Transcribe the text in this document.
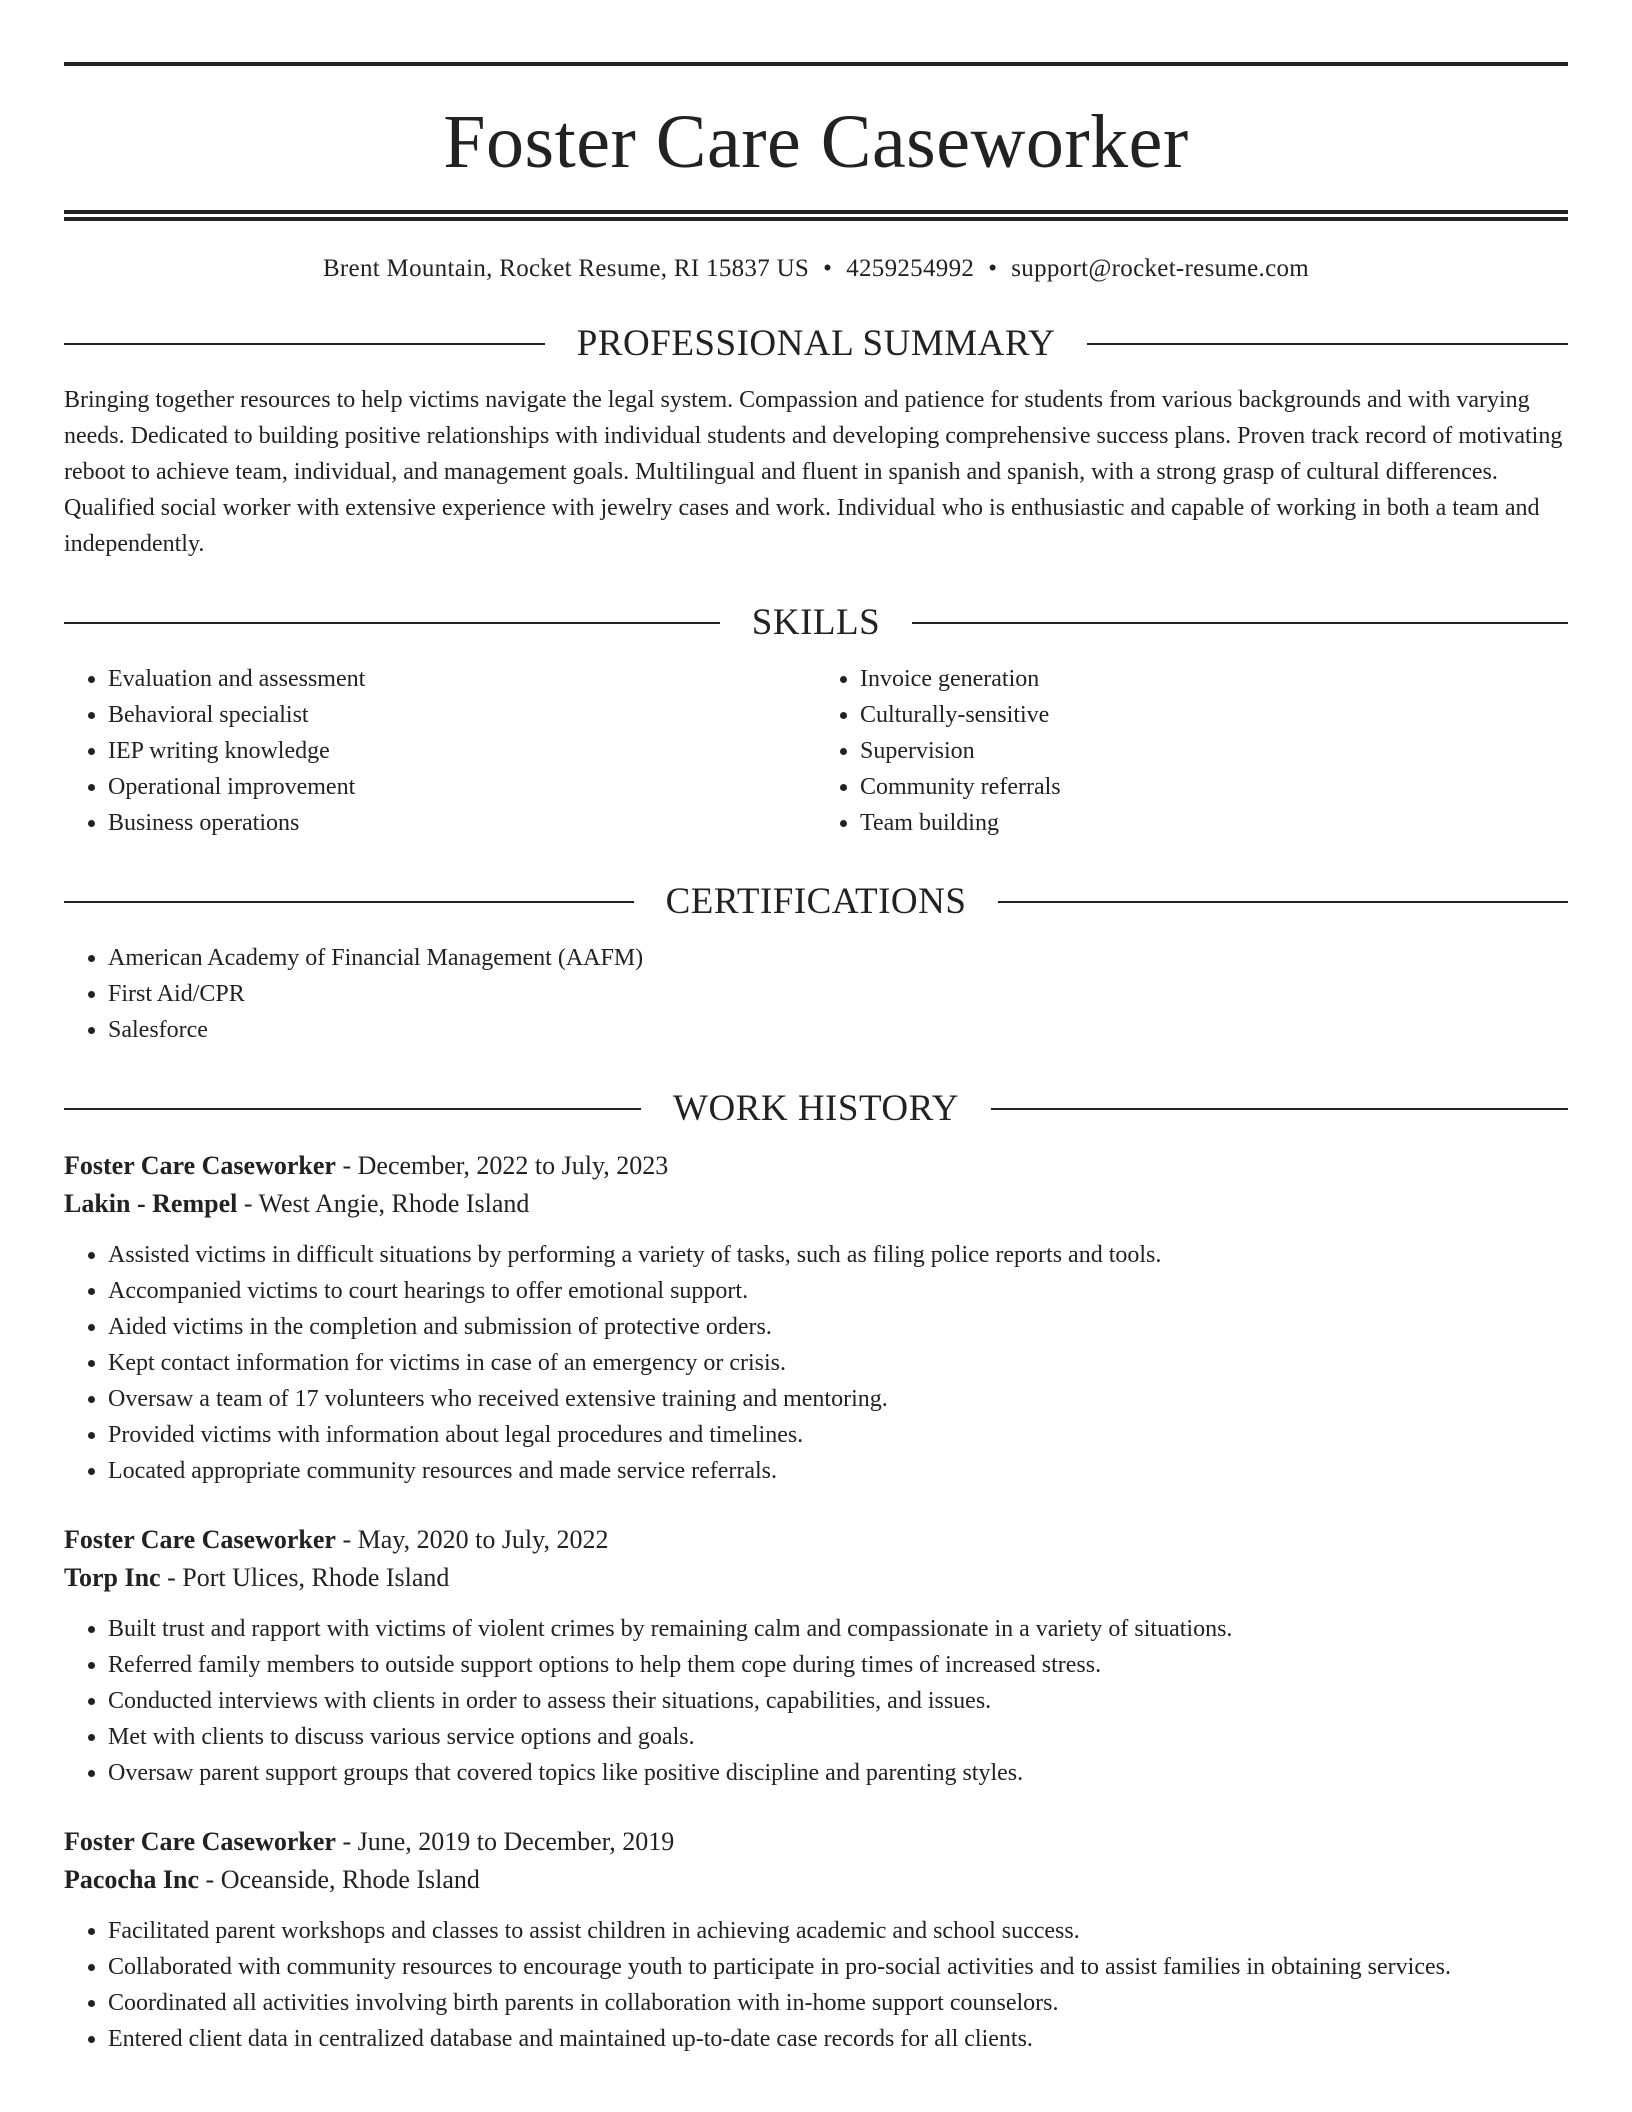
Foster Care Caseworker
Brent Mountain, Rocket Resume, RI 15837 US • 4259254992 • support@rocket-resume.com
PROFESSIONAL SUMMARY

Bringing together resources to help victims navigate the legal system. Compassion and patience for students from various backgrounds and with varying needs. Dedicated to building positive relationships with individual students and developing comprehensive success plans. Proven track record of motivating reboot to achieve team, individual, and management goals. Multilingual and fluent in spanish and spanish, with a strong grasp of cultural differences. Qualified social worker with extensive experience with jewelry cases and work. Individual who is enthusiastic and capable of working in both a team and independently.

SKILLS
• Evaluation and assessment
• Behavioral specialist
• IEP writing knowledge
• Operational improvement
• Business operations
• Invoice generation
• Culturally-sensitive
• Supervision
• Community referrals
• Team building
CERTIFICATIONS
• American Academy of Financial Management (AAFM)
• First Aid/CPR
• Salesforce
WORK HISTORY
Foster Care Caseworker - December, 2022 to July, 2023
Lakin - Rempel - West Angie, Rhode Island
• Assisted victims in difficult situations by performing a variety of tasks, such as filing police reports and tools.
• Accompanied victims to court hearings to offer emotional support.
• Aided victims in the completion and submission of protective orders.
• Kept contact information for victims in case of an emergency or crisis.
• Oversaw a team of 17 volunteers who received extensive training and mentoring.
• Provided victims with information about legal procedures and timelines.
• Located appropriate community resources and made service referrals.
Foster Care Caseworker - May, 2020 to July, 2022
Torp Inc - Port Ulices, Rhode Island
• Built trust and rapport with victims of violent crimes by remaining calm and compassionate in a variety of situations.
• Referred family members to outside support options to help them cope during times of increased stress.
• Conducted interviews with clients in order to assess their situations, capabilities, and issues.
• Met with clients to discuss various service options and goals.
• Oversaw parent support groups that covered topics like positive discipline and parenting styles.
Foster Care Caseworker - June, 2019 to December, 2019
Pacocha Inc - Oceanside, Rhode Island
• Facilitated parent workshops and classes to assist children in achieving academic and school success.
• Collaborated with community resources to encourage youth to participate in pro-social activities and to assist families in obtaining services.
• Coordinated all activities involving birth parents in collaboration with in-home support counselors.
• Entered client data in centralized database and maintained up-to-date case records for all clients.
